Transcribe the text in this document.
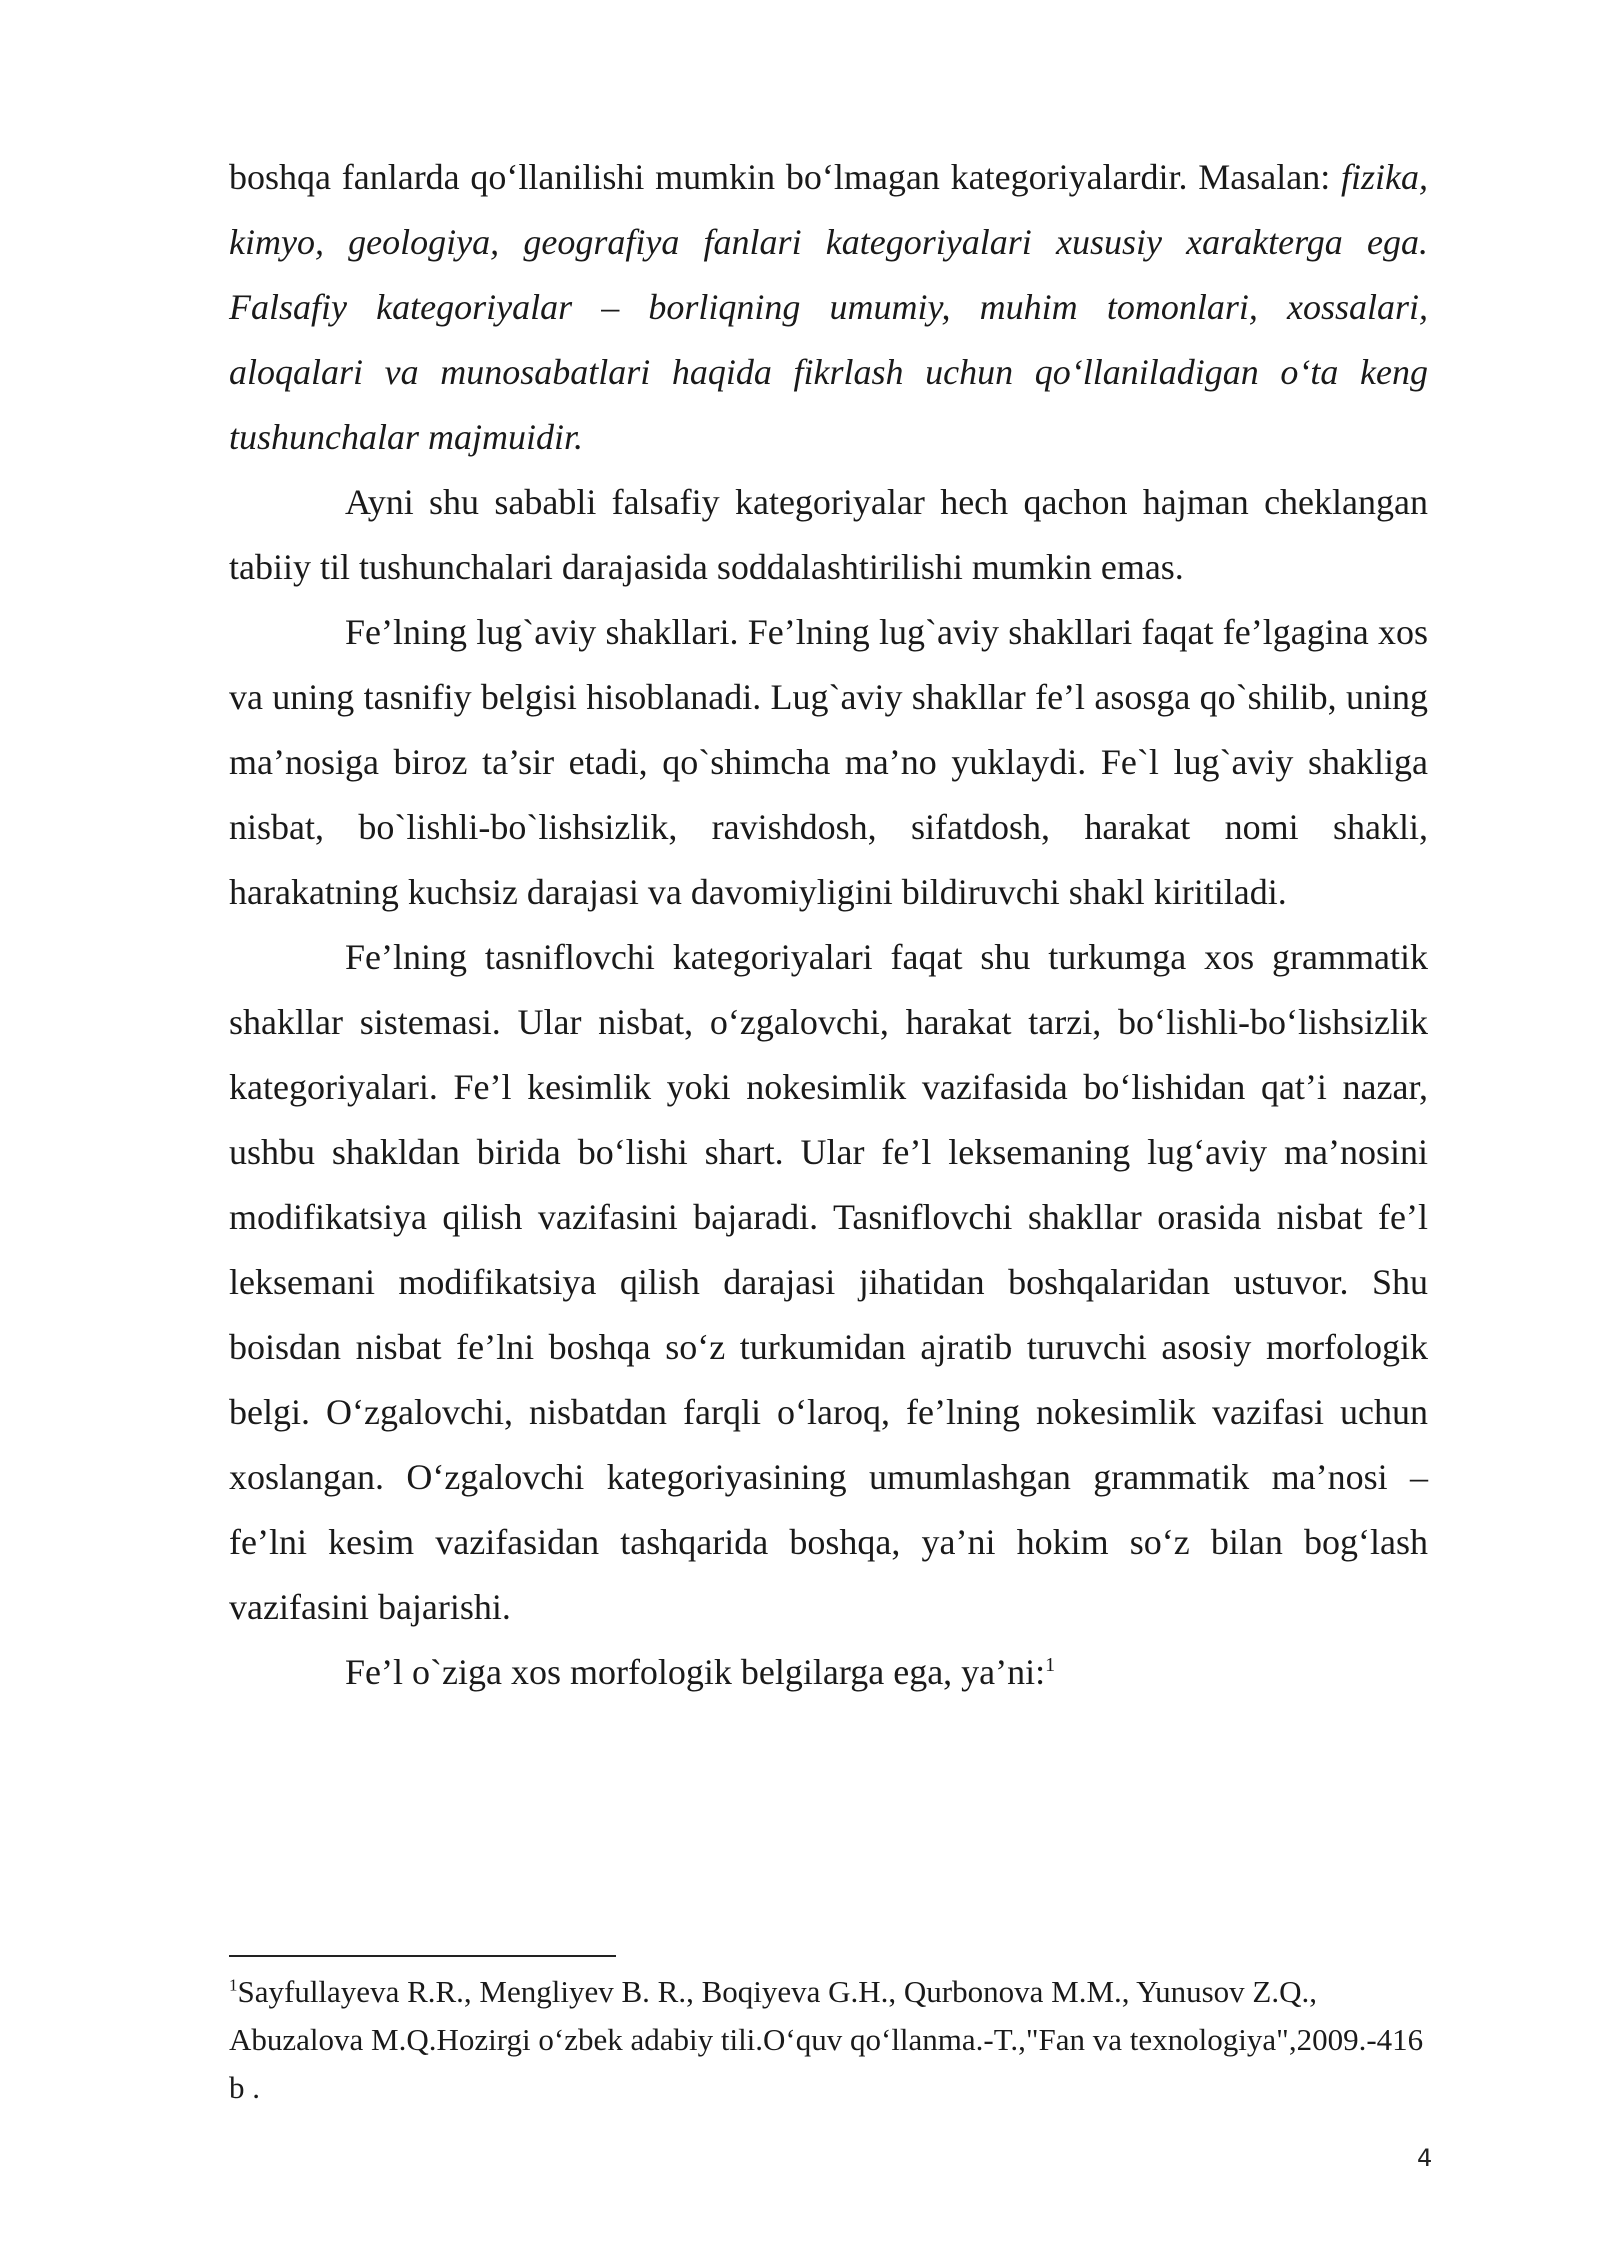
boshqa fanlarda qo‘llanilishi mumkin bo‘lmagan kategoriyalardir. Masalan: fizika, kimyo, geologiya, geografiya fanlari kategoriyalari xususiy xarakterga ega. Falsafiy kategoriyalar – borliqning umumiy, muhim tomonlari, xossalari, aloqalari va munosabatlari haqida fikrlash uchun qo‘llaniladigan o‘ta keng tushunchalar majmuidir.

Ayni shu sababli falsafiy kategoriyalar hech qachon hajman cheklangan tabiiy til tushunchalari darajasida soddalashtirilishi mumkin emas.

Fe’lning lug`aviy shakllari. Fe’lning lug`aviy shakllari faqat fe’lgagina xos va uning tasnifiy belgisi hisoblanadi. Lug`aviy shakllar fe’l asosga qo`shilib, uning ma’nosiga biroz ta’sir etadi, qo`shimcha ma’no yuklaydi. Fe`l lug`aviy shakliga nisbat, bo`lishli-bo`lishsizlik, ravishdosh, sifatdosh, harakat nomi shakli, harakatning kuchsiz darajasi va davomiyligini bildiruvchi shakl kiritiladi.

Fe’lning tasniflovchi kategoriyalari faqat shu turkumga xos grammatik shakllar sistemasi. Ular nisbat, o‘zgalovchi, harakat tarzi, bo‘lishli-bo‘lishsizlik kategoriyalari. Fe’l kesimlik yoki nokesimlik vazifasida bo‘lishidan qat’i nazar, ushbu shakldan birida bo‘lishi shart. Ular fe’l leksemaning lug‘aviy ma’nosini modifikatsiya qilish vazifasini bajaradi. Tasniflovchi shakllar orasida nisbat fe’l leksemani modifikatsiya qilish darajasi jihatidan boshqalaridan ustuvor. Shu boisdan nisbat fe’lni boshqa so‘z turkumidan ajratib turuvchi asosiy morfologik belgi. O‘zgalovchi, nisbatdan farqli o‘laroq, fe’lning nokesimlik vazifasi uchun xoslangan. O‘zgalovchi kategoriyasining umumlashgan grammatik ma’nosi – fe’lni kesim vazifasidan tashqarida boshqa, ya’ni hokim so‘z bilan bog‘lash vazifasini bajarishi.

Fe’l o`ziga xos morfologik belgilarga ega, ya’ni:$^1$

$^1$Sayfullayeva R.R., Mengliyev B. R., Boqiyeva G.H., Qurbonova M.M., Yunusov Z.Q., Abuzalova M.Q.Hozirgi o‘zbek adabiy tili.O‘quv qo‘llanma.-T.,"Fan va texnologiya",2009.-416 b .
4
